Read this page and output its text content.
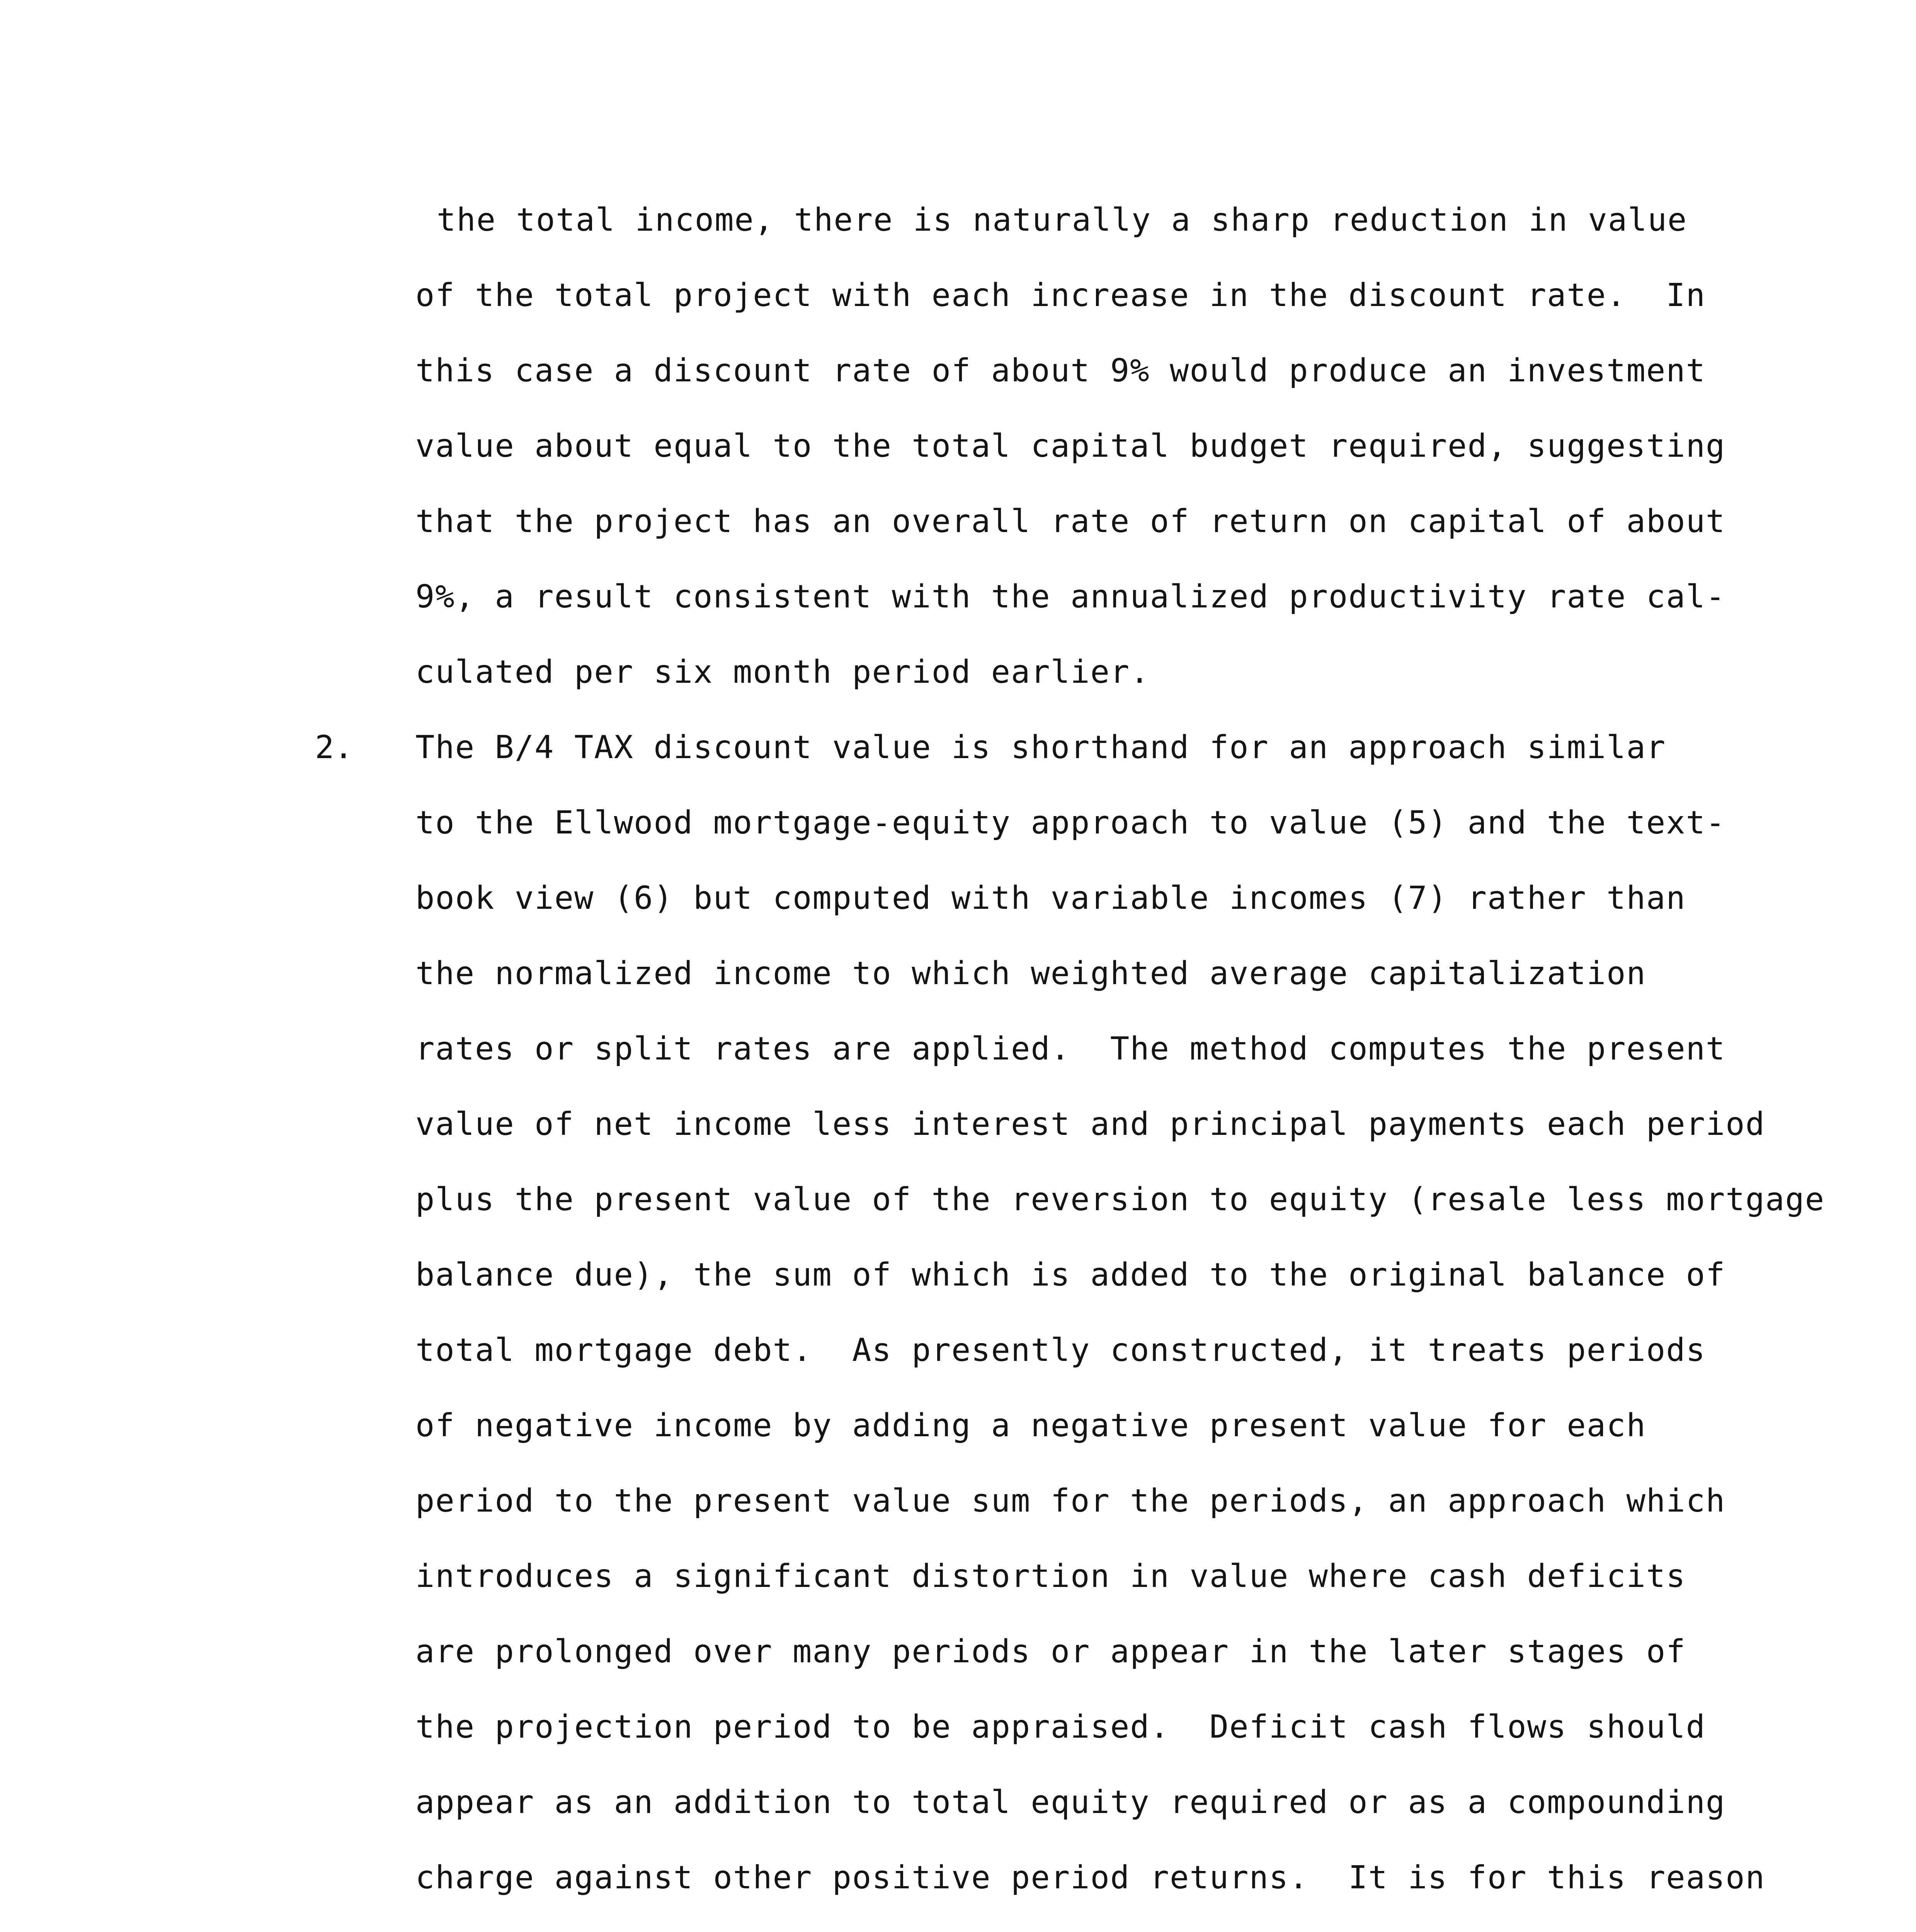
the total income, there is naturally a sharp reduction in value
of the total project with each increase in the discount rate.  In
this case a discount rate of about 9% would produce an investment
value about equal to the total capital budget required, suggesting
that the project has an overall rate of return on capital of about
9%, a result consistent with the annualized productivity rate cal-
culated per six month period earlier.
2. The B/4 TAX discount value is shorthand for an approach similar
to the Ellwood mortgage-equity approach to value (5) and the text-
book view (6) but computed with variable incomes (7) rather than
the normalized income to which weighted average capitalization
rates or split rates are applied.  The method computes the present
value of net income less interest and principal payments each period
plus the present value of the reversion to equity (resale less mortgage
balance due), the sum of which is added to the original balance of
total mortgage debt.  As presently constructed, it treats periods
of negative income by adding a negative present value for each
period to the present value sum for the periods, an approach which
introduces a significant distortion in value where cash deficits
are prolonged over many periods or appear in the later stages of
the projection period to be appraised.  Deficit cash flows should
appear as an addition to total equity required or as a compounding
charge against other positive period returns.  It is for this reason
